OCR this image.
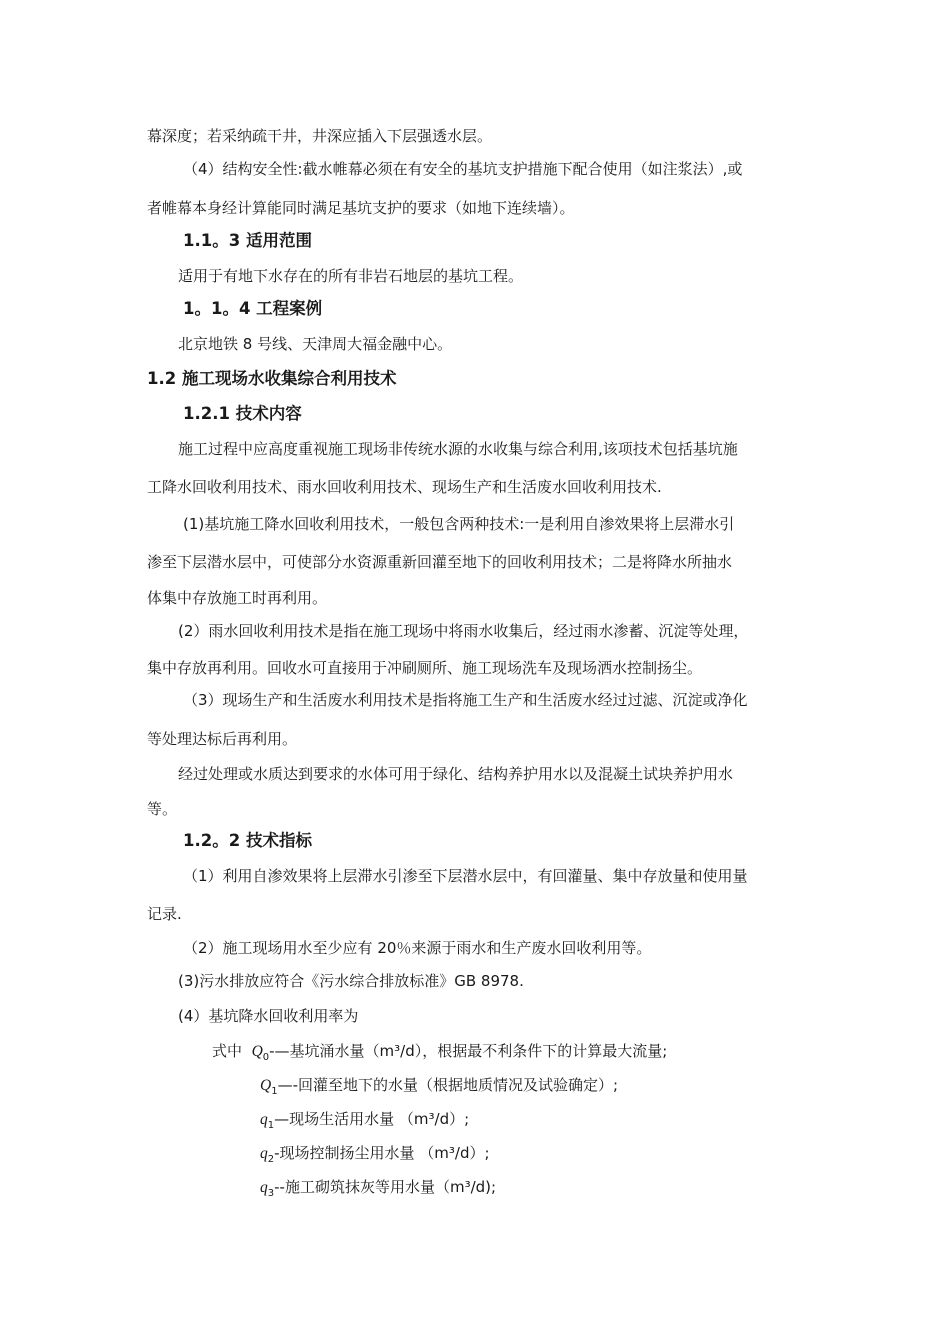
幕深度；若采纳疏干井，井深应插入下层强透水层。
（4）结构安全性:截水帷幕必须在有安全的基坑支护措施下配合使用（如注浆法）,或
者帷幕本身经计算能同时满足基坑支护的要求（如地下连续墙）。
1.1。3 适用范围
适用于有地下水存在的所有非岩石地层的基坑工程。
1。1。4 工程案例
北京地铁 8 号线、天津周大福金融中心。
1.2 施工现场水收集综合利用技术
1.2.1 技术内容
施工过程中应高度重视施工现场非传统水源的水收集与综合利用,该项技术包括基坑施
工降水回收利用技术、雨水回收利用技术、现场生产和生活废水回收利用技术.
(1)基坑施工降水回收利用技术，一般包含两种技术:一是利用自渗效果将上层滞水引
渗至下层潜水层中，可使部分水资源重新回灌至地下的回收利用技术；二是将降水所抽水
体集中存放施工时再利用。
(2）雨水回收利用技术是指在施工现场中将雨水收集后，经过雨水渗蓄、沉淀等处理，
集中存放再利用。回收水可直接用于冲刷厕所、施工现场洗车及现场洒水控制扬尘。
（3）现场生产和生活废水利用技术是指将施工生产和生活废水经过过滤、沉淀或净化
等处理达标后再利用。
经过处理或水质达到要求的水体可用于绿化、结构养护用水以及混凝土试块养护用水
等。
1.2。2 技术指标
（1）利用自渗效果将上层滞水引渗至下层潜水层中，有回灌量、集中存放量和使用量
记录.
（2）施工现场用水至少应有 20％来源于雨水和生产废水回收利用等。
(3)污水排放应符合《污水综合排放标准》GB 8978.
(4）基坑降水回收利用率为
式中 $Q_0-—$基坑涌水量（m³/d），根据最不利条件下的计算最大流量;
$Q_1—-$回灌至地下的水量（根据地质情况及试验确定）;
$q_1—$现场生活用水量 （m³/d）;
$q_2-$现场控制扬尘用水量 （m³/d）;
$q_3--$施工砌筑抹灰等用水量（m³/d);
